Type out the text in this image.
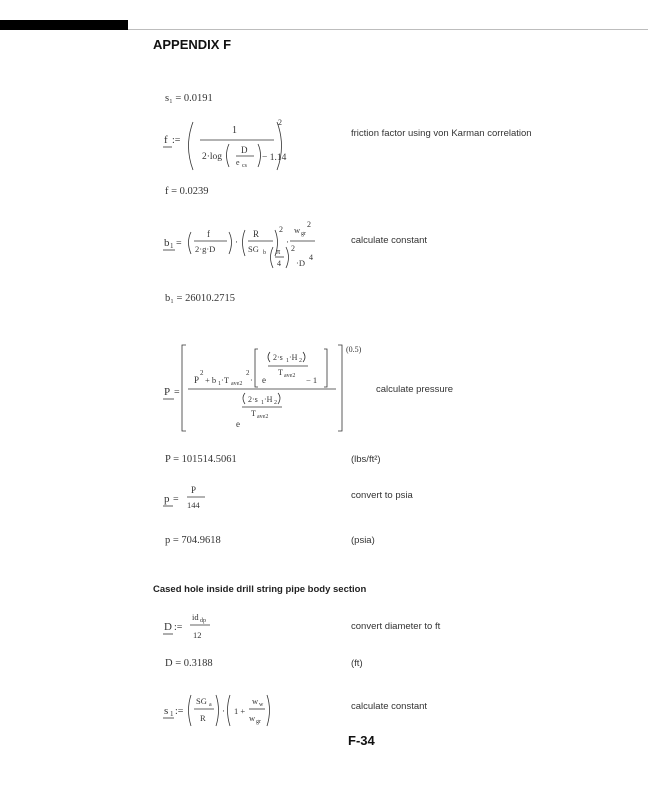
APPENDIX F
s₁ = 0.0191
f :=
1
2·log
D
e cs
− 1.14
2
friction factor using von Karman correlation
f = 0.0239
b 1 =
f
2·g·D
·
R
SG b
2
·
w gr
2
π
4
2
·D
4
calculate constant
b₁ = 26010.2715
P =
(0.5)
P
2
+ b 1 ·T ave2
2
· e
2·s 1 ·H 2
T ave2 − 1
2·s 1 ·H 2
T ave2
e
calculate pressure
P = 101514.5061	(lbs/ft²)
p =
P
144
convert to psia
p = 704.9618	(psia)
Cased hole inside drill string pipe body section
D :=
id dp
12
convert diameter to ft
D = 0.3188	(ft)
s 1 :=
SG a
R
· 1 +
w w
w gr
calculate constant
F-34
